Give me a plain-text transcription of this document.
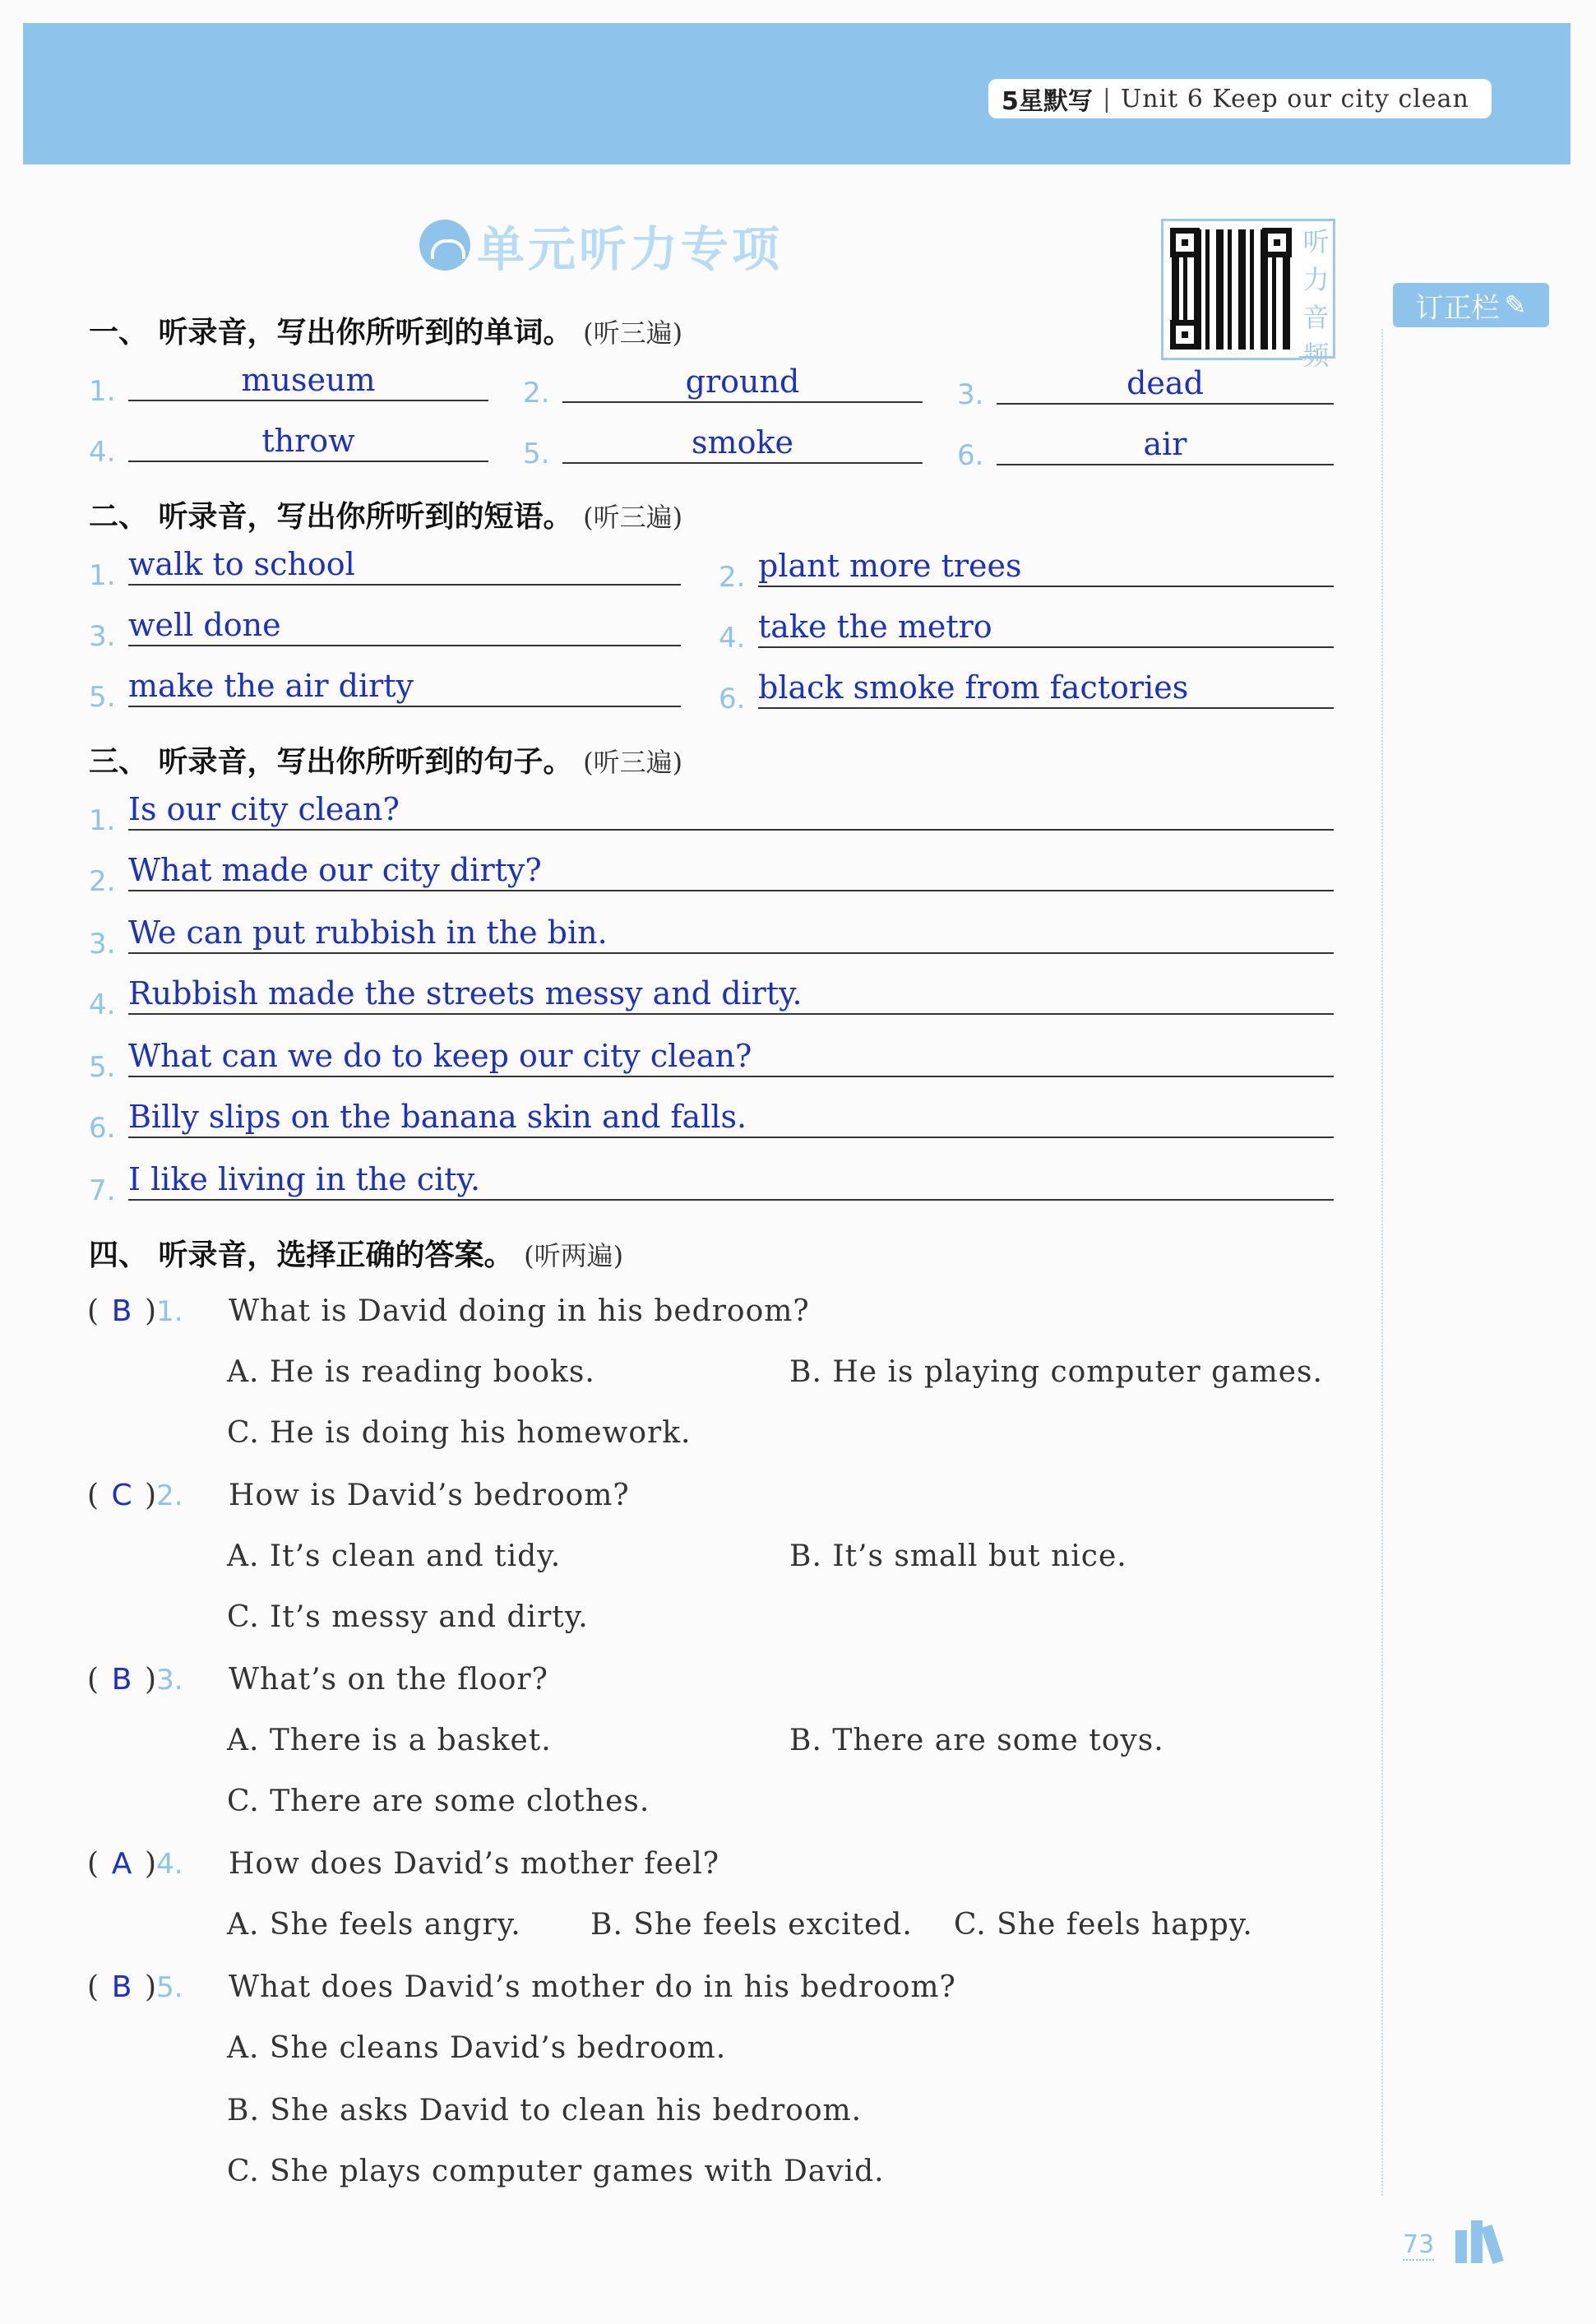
5星默写 | Unit 6 Keep our city clean
单元听力专项	听
力
音
频
订正栏 ✎
一、 听录音，写出你所听到的单词。 (听三遍)
1.	museum	2.	ground	3.	dead
4.	throw	5.	smoke	6.	air
二、 听录音，写出你所听到的短语。 (听三遍)
1. walk to school	2. plant more trees
3. well done	4. take the metro
5. make the air dirty	6. black smoke from factories
三、 听录音，写出你所听到的句子。 (听三遍)
1. Is our city clean?
2. What made our city dirty?
3. We can put rubbish in the bin.
4. Rubbish made the streets messy and dirty.
5. What can we do to keep our city clean?
6. Billy slips on the banana skin and falls.
7. I like living in the city.
四、 听录音，选择正确的答案。 (听两遍)
( B )1. What is David doing in his bedroom?
A. He is reading books.	B. He is playing computer games.
C. He is doing his homework.
( C )2. How is David’s bedroom?
A. It’s clean and tidy.	B. It’s small but nice.
C. It’s messy and dirty.
( B )3. What’s on the floor?
A. There is a basket.	B. There are some toys.
C. There are some clothes.
( A )4. How does David’s mother feel?
A. She feels angry. B. She feels excited. C. She feels happy.
( B )5. What does David’s mother do in his bedroom?
A. She cleans David’s bedroom.
B. She asks David to clean his bedroom.
C. She plays computer games with David.
73
